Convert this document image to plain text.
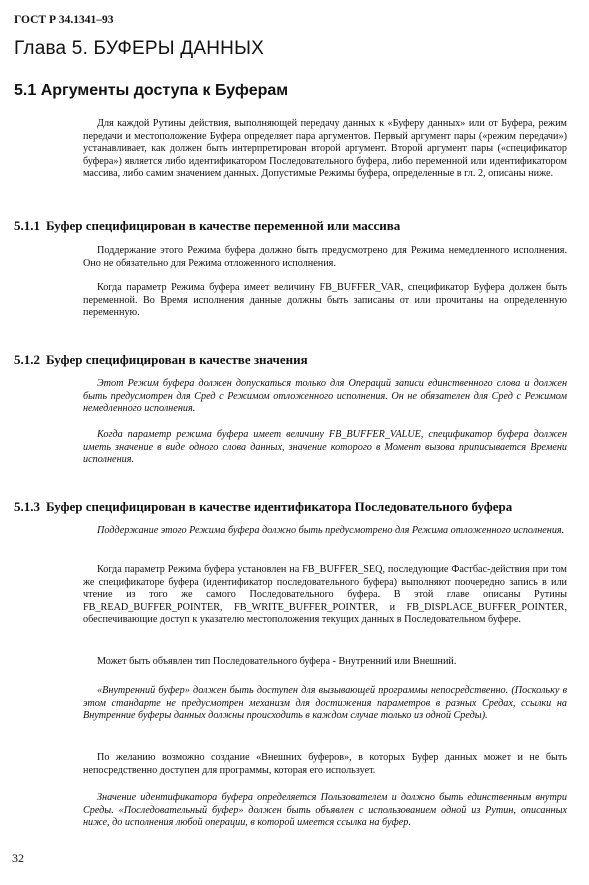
ГОСТ Р 34.1341–93
Глава 5. БУФЕРЫ ДАННЫХ
5.1 Аргументы доступа к Буферам

Для каждой Рутины действия, выполняющей передачу данных к «Буферу данных» или от Буфера, режим передачи и местоположение Буфера определяет пара аргументов. Первый аргумент пары («режим передачи») устанавливает, как должен быть интерпретирован второй аргумент. Второй аргумент пары («спецификатор буфера») является либо идентификатором Последовательного буфера, либо переменной или идентификатором массива, либо самим значением данных. Допустимые Режимы буфера, определенные в гл. 2, описаны ниже.

5.1.1 Буфер специфицирован в качестве переменной или массива

Поддержание этого Режима буфера должно быть предусмотрено для Режима немедленного исполнения. Оно не обязательно для Режима отложенного исполнения.

Когда параметр Режима буфера имеет величину FB_BUFFER_VAR, спецификатор Буфера должен быть переменной. Во Время исполнения данные должны быть записаны от или прочитаны на определенную переменную.

5.1.2 Буфер специфицирован в качестве значения

Этот Режим буфера должен допускаться только для Операций записи единственного слова и должен быть предусмотрен для Сред с Режимом отложенного исполнения. Он не обязателен для Сред с Режимом немедленного исполнения.

Когда параметр режима буфера имеет величину FB_BUFFER_VALUE, спецификатор буфера должен иметь значение в виде одного слова данных, значение которого в Момент вызова приписывается Времени исполнения.

5.1.3 Буфер специфицирован в качестве идентификатора Последовательного буфера

Поддержание этого Режима буфера должно быть предусмотрено для Режима отложенного исполнения.

Когда параметр Режима буфера установлен на FB_BUFFER_SEQ, последующие Фастбас-действия при том же спецификаторе буфера (идентификатор последовательного буфера) выполняют поочередно запись в или чтение из того же самого Последовательного буфера. В этой главе описаны Рутины FB_READ_BUFFER_POINTER, FB_WRITE_BUFFER_POINTER, и FB_DISPLACE_BUFFER_POINTER, обеспечивающие доступ к указателю местоположения текущих данных в Последовательном буфере.

Может быть объявлен тип Последовательного буфера - Внутренний или Внешний.

«Внутренний буфер» должен быть доступен для вызывающей программы непосредственно. (Поскольку в этом стандарте не предусмотрен механизм для достижения параметров в разных Средах, ссылки на Внутренние буферы данных должны происходить в каждом случае только из одной Среды).

По желанию возможно создание «Внешних буферов», в которых Буфер данных может и не быть непосредственно доступен для программы, которая его использует.

Значение идентификатора буфера определяется Пользователем и должно быть единственным внутри Среды. «Последовательный буфер» должен быть объявлен с использованием одной из Рутин, описанных ниже, до исполнения любой операции, в которой имеется ссылка на буфер.

32
